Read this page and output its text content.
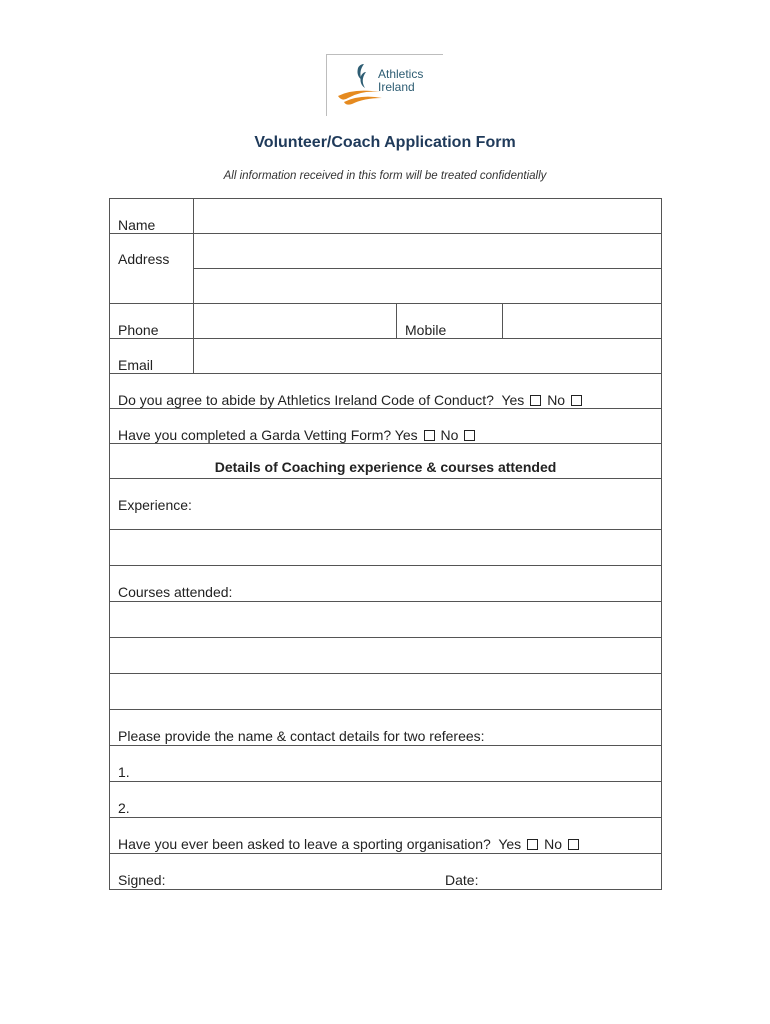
Athletics
Ireland
Volunteer/Coach Application Form
All information received in this form will be treated confidentially
Name			
Address			

Phone		Mobile	
Email			
Do you agree to abide by Athletics Ireland Code of Conduct? Yes No			
Have you completed a Garda Vetting Form? Yes No			
Details of Coaching experience & courses attended			
Experience:			

Courses attended:			

Please provide the name & contact details for two referees:			
1.			
2.			
Have you ever been asked to leave a sporting organisation? Yes No			
Signed: Date:			
